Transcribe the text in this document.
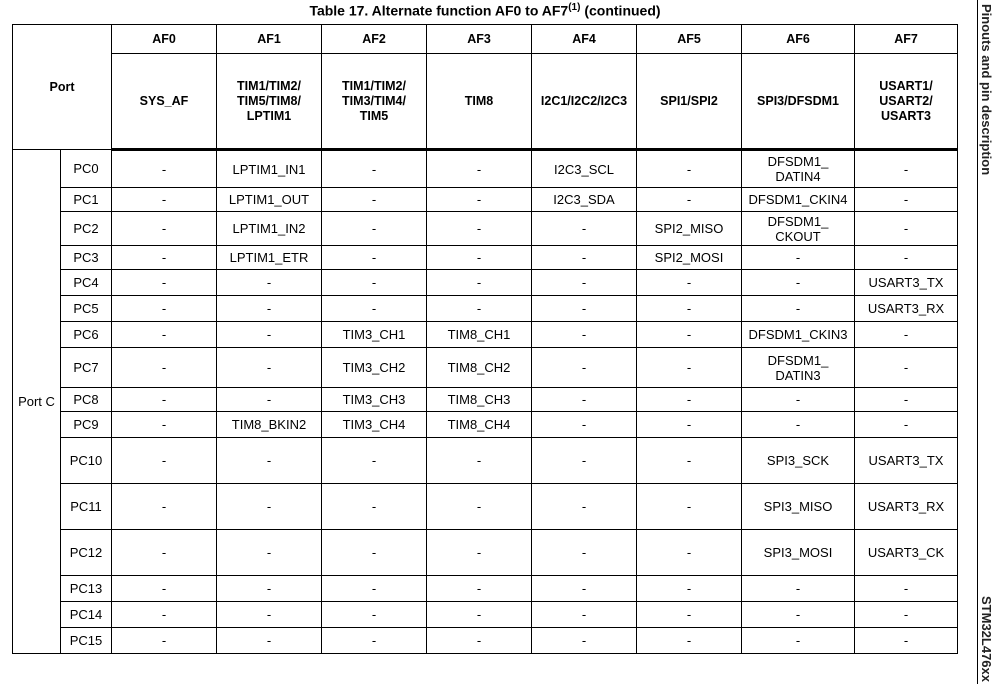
Table 17. Alternate function AF0 to AF7$^{(1)}$ (continued)
Port		AF0	AF1	AF2	AF3	AF4	AF5	AF6	AF7
		SYS_AF	TIM1/TIM2/
TIM5/TIM8/
LPTIM1	TIM1/TIM2/
TIM3/TIM4/
TIM5	TIM8	I2C1/I2C2/I2C3	SPI1/SPI2	SPI3/DFSDM1	USART1/
USART2/
USART3
Port C	PC0	-	LPTIM1_IN1	-	-	I2C3_SCL	-	DFSDM1_
DATIN4	-
	PC1	-	LPTIM1_OUT	-	-	I2C3_SDA	-	DFSDM1_CKIN4	-
	PC2	-	LPTIM1_IN2	-	-	-	SPI2_MISO	DFSDM1_
CKOUT	-
	PC3	-	LPTIM1_ETR	-	-	-	SPI2_MOSI	-	-
	PC4	-	-	-	-	-	-	-	USART3_TX
	PC5	-	-	-	-	-	-	-	USART3_RX
	PC6	-	-	TIM3_CH1	TIM8_CH1	-	-	DFSDM1_CKIN3	-
	PC7	-	-	TIM3_CH2	TIM8_CH2	-	-	DFSDM1_
DATIN3	-
	PC8	-	-	TIM3_CH3	TIM8_CH3	-	-	-	-
	PC9	-	TIM8_BKIN2	TIM3_CH4	TIM8_CH4	-	-	-	-
	PC10	-	-	-	-	-	-	SPI3_SCK	USART3_TX
	PC11	-	-	-	-	-	-	SPI3_MISO	USART3_RX
	PC12	-	-	-	-	-	-	SPI3_MOSI	USART3_CK
	PC13	-	-	-	-	-	-	-	-
	PC14	-	-	-	-	-	-	-	-
	PC15	-	-	-	-	-	-	-	-
Pinouts and pin description
STM32L476xx
